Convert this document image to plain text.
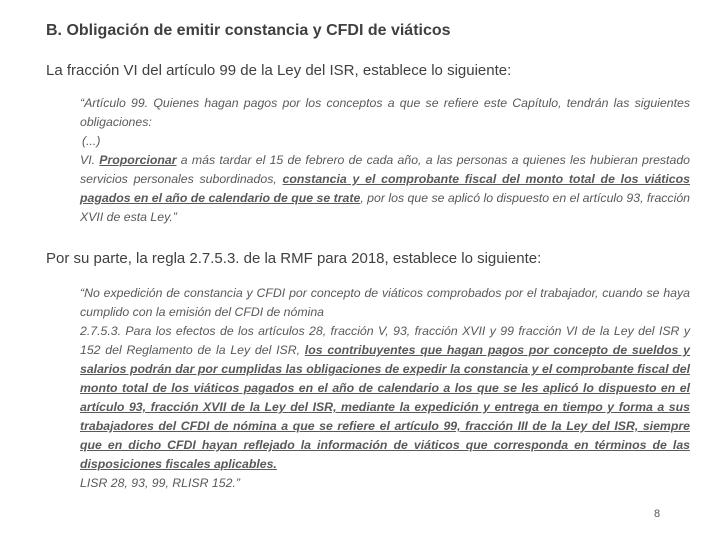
B. Obligación de emitir constancia y CFDI de viáticos
La fracción VI del artículo 99 de la Ley del ISR, establece lo siguiente:

“Artículo 99. Quienes hagan pagos por los conceptos a que se refiere este Capítulo, tendrán las siguientes obligaciones:

(...)

VI. Proporcionar a más tardar el 15 de febrero de cada año, a las personas a quienes les hubieran prestado servicios personales subordinados, constancia y el comprobante fiscal del monto total de los viáticos pagados en el año de calendario de que se trate, por los que se aplicó lo dispuesto en el artículo 93, fracción XVII de esta Ley.”

Por su parte, la regla 2.7.5.3. de la RMF para 2018, establece lo siguiente:

“No expedición de constancia y CFDI por concepto de viáticos comprobados por el trabajador, cuando se haya cumplido con la emisión del CFDI de nómina

2.7.5.3. Para los efectos de los artículos 28, fracción V, 93, fracción XVII y 99 fracción VI de la Ley del ISR y 152 del Reglamento de la Ley del ISR, los contribuyentes que hagan pagos por concepto de sueldos y salarios podrán dar por cumplidas las obligaciones de expedir la constancia y el comprobante fiscal del monto total de los viáticos pagados en el año de calendario a los que se les aplicó lo dispuesto en el artículo 93, fracción XVII de la Ley del ISR, mediante la expedición y entrega en tiempo y forma a sus trabajadores del CFDI de nómina a que se refiere el artículo 99, fracción III de la Ley del ISR, siempre que en dicho CFDI hayan reflejado la información de viáticos que corresponda en términos de las disposiciones fiscales aplicables.

LISR 28, 93, 99, RLISR 152.”

8
